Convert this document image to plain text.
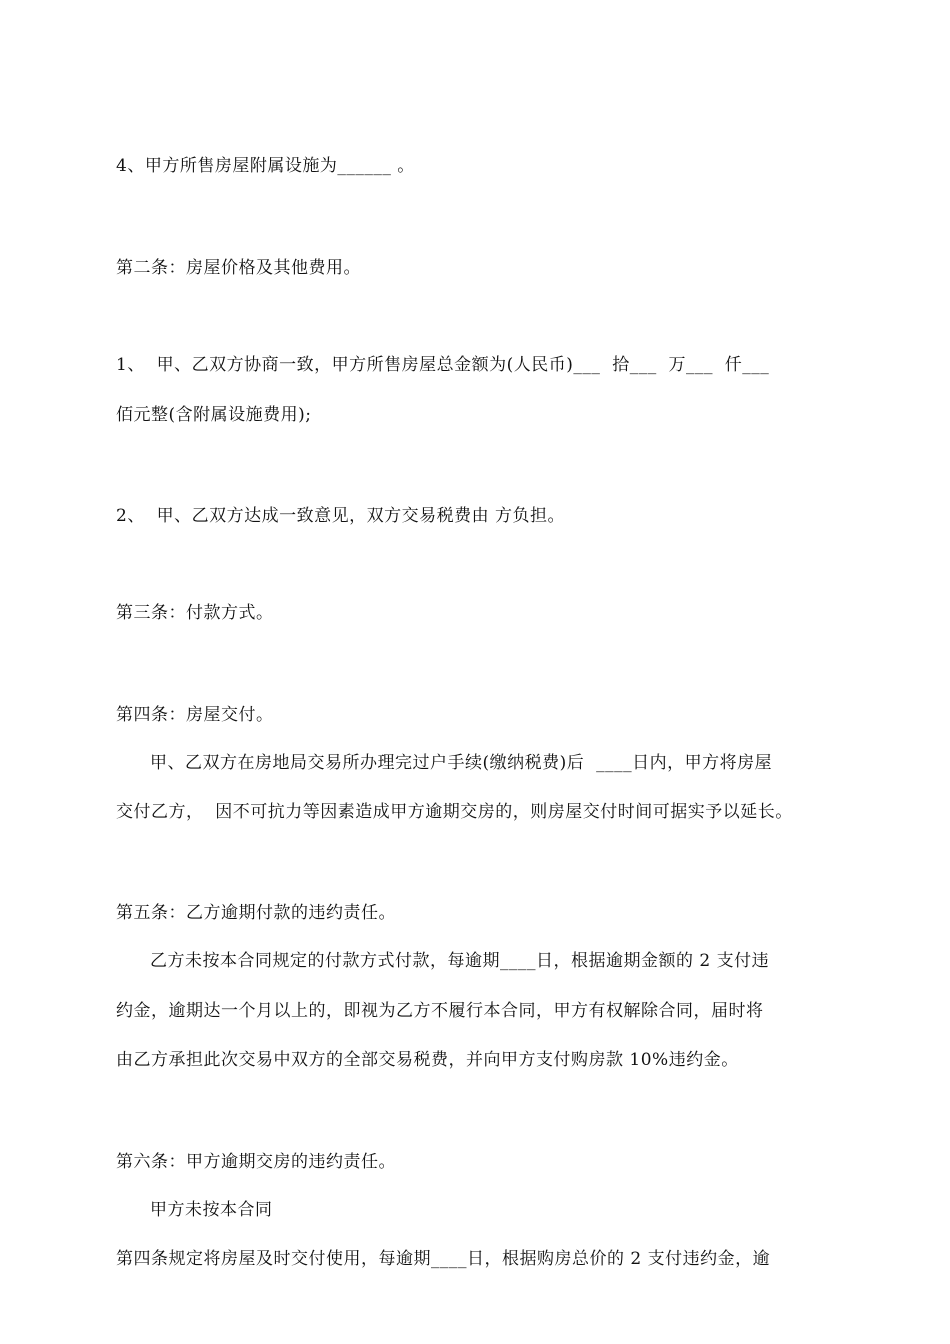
4、甲方所售房屋附属设施为______ 。
第二条：房屋价格及其他费用。
1、  甲、乙双方协商一致，甲方所售房屋总金额为(人民币)___  拾___  万___  仟___
佰元整(含附属设施费用);
2、  甲、乙双方达成一致意见，双方交易税费由 方负担。
第三条：付款方式。
第四条：房屋交付。
甲、乙双方在房地局交易所办理完过户手续(缴纳税费)后  ____日内，甲方将房屋
交付乙方，  因不可抗力等因素造成甲方逾期交房的，则房屋交付时间可据实予以延长。
第五条：乙方逾期付款的违约责任。
乙方未按本合同规定的付款方式付款，每逾期____日，根据逾期金额的 2 支付违
约金，逾期达一个月以上的，即视为乙方不履行本合同，甲方有权解除合同，届时将
由乙方承担此次交易中双方的全部交易税费，并向甲方支付购房款 10%违约金。
第六条：甲方逾期交房的违约责任。
甲方未按本合同
第四条规定将房屋及时交付使用，每逾期____日，根据购房总价的 2 支付违约金，逾
